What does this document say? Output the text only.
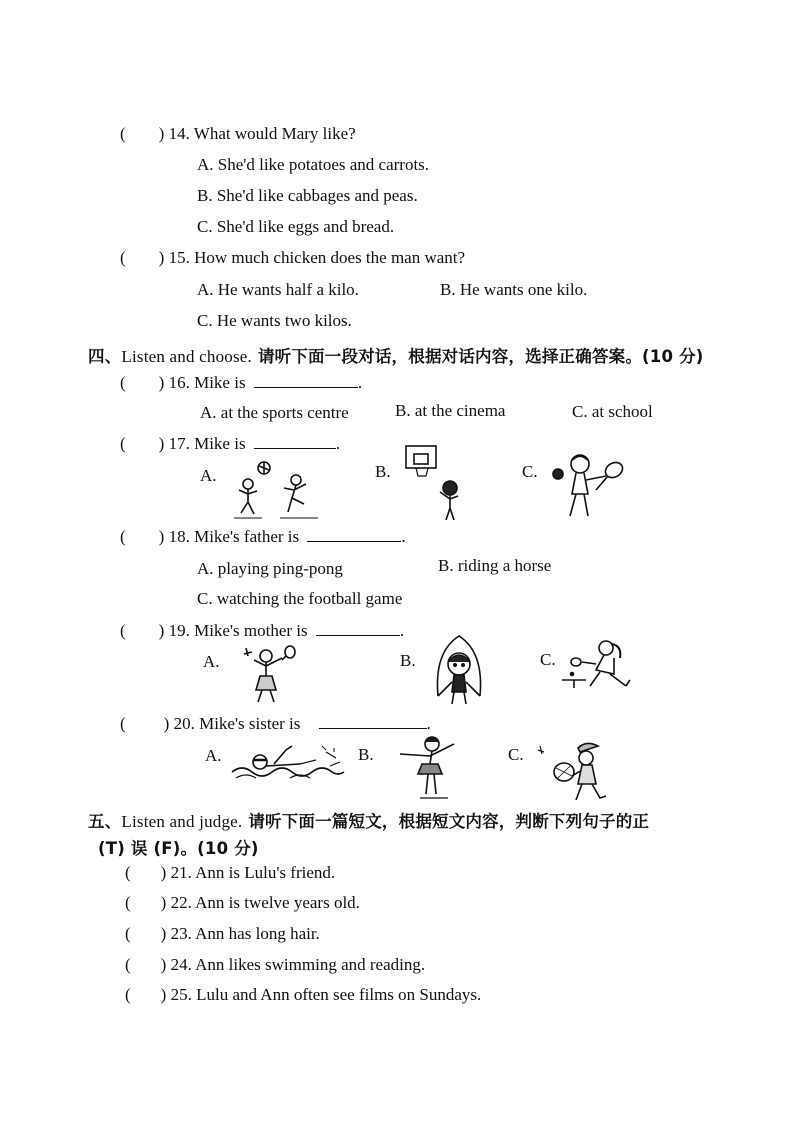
( ) 14. What would Mary like?
A. She'd like potatoes and carrots.
B. She'd like cabbages and peas.
C. She'd like eggs and bread.
( ) 15. How much chicken does the man want?
A. He wants half a kilo.	B. He wants one kilo.
C. He wants two kilos.
四、Listen and choose. 请听下面一段对话，根据对话内容，选择正确答案。(10 分)
( ) 16. Mike is	.
A. at the sports centre	B. at the cinema	C. at school
( ) 17. Mike is	.
A.	B.	C.
( ) 18. Mike's father is	.
A. playing ping-pong	B. riding a horse
C. watching the football game
( ) 19. Mike's mother is	.
A.	B.	C.
( ) 20. Mike's sister is	.
A.	B.	C.
五、Listen and judge. 请听下面一篇短文，根据短文内容，判断下列句子的正
(T) 误 (F)。(10 分)
( ) 21. Ann is Lulu's friend.
( ) 22. Ann is twelve years old.
( ) 23. Ann has long hair.
( ) 24. Ann likes swimming and reading.
( ) 25. Lulu and Ann often see films on Sundays.
